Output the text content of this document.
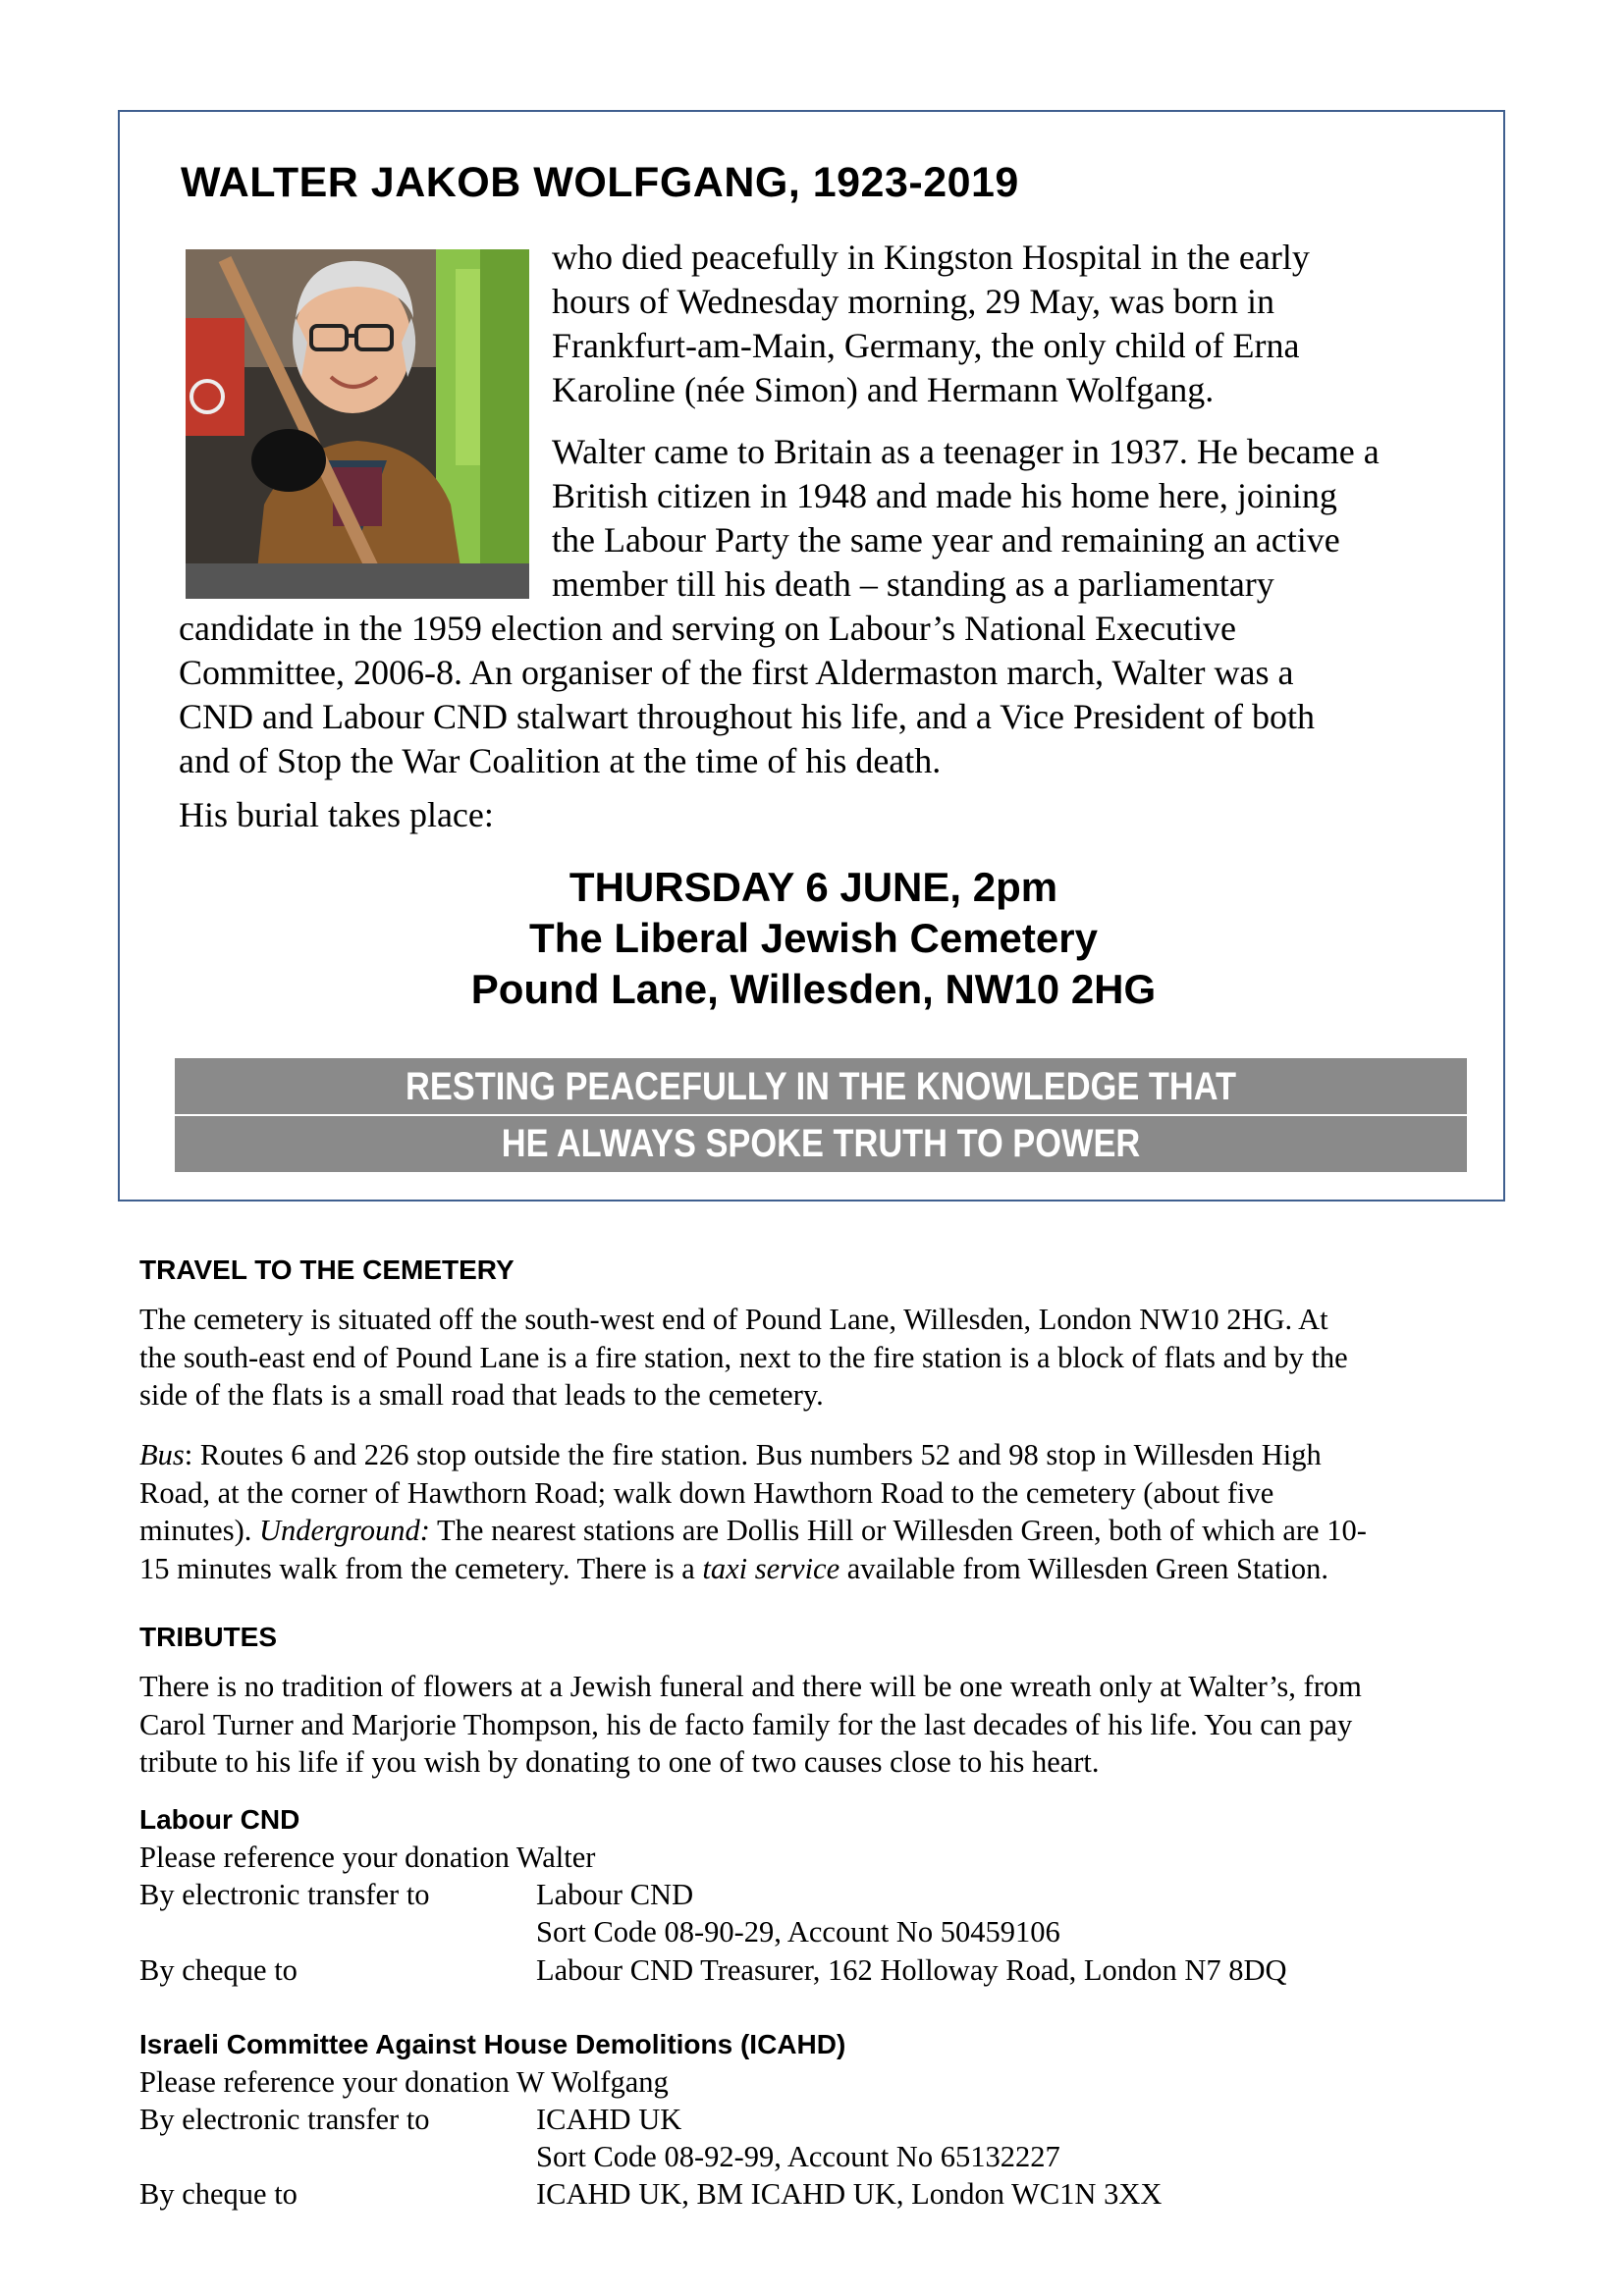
WALTER JAKOB WOLFGANG, 1923-2019
who died peacefully in Kingston Hospital in the early
hours of Wednesday morning, 29 May, was born in
Frankfurt-am-Main, Germany, the only child of Erna
Karoline (née Simon) and Hermann Wolfgang.
Walter came to Britain as a teenager in 1937. He became a
British citizen in 1948 and made his home here, joining
the Labour Party the same year and remaining an active
member till his death – standing as a parliamentary
candidate in the 1959 election and serving on Labour’s National Executive
Committee, 2006-8. An organiser of the first Aldermaston march, Walter was a
CND and Labour CND stalwart throughout his life, and a Vice President of both
and of Stop the War Coalition at the time of his death.

His burial takes place:

THURSDAY 6 JUNE, 2pm

The Liberal Jewish Cemetery

Pound Lane, Willesden, NW10 2HG

RESTING PEACEFULLY IN THE KNOWLEDGE THAT
HE ALWAYS SPOKE TRUTH TO POWER
TRAVEL TO THE CEMETERY
The cemetery is situated off the south-west end of Pound Lane, Willesden, London NW10 2HG. At
the south-east end of Pound Lane is a fire station, next to the fire station is a block of flats and by the
side of the flats is a small road that leads to the cemetery.
Bus: Routes 6 and 226 stop outside the fire station. Bus numbers 52 and 98 stop in Willesden High
Road, at the corner of Hawthorn Road; walk down Hawthorn Road to the cemetery (about five
minutes). Underground: The nearest stations are Dollis Hill or Willesden Green, both of which are 10-
15 minutes walk from the cemetery. There is a taxi service available from Willesden Green Station.
TRIBUTES
There is no tradition of flowers at a Jewish funeral and there will be one wreath only at Walter’s, from
Carol Turner and Marjorie Thompson, his de facto family for the last decades of his life. You can pay
tribute to his life if you wish by donating to one of two causes close to his heart.
Labour CND
Please reference your donation Walter
By electronic transfer to	Labour CND
Sort Code 08-90-29, Account No 50459106
By cheque to	Labour CND Treasurer, 162 Holloway Road, London N7 8DQ
Israeli Committee Against House Demolitions (ICAHD)
Please reference your donation W Wolfgang
By electronic transfer to	ICAHD UK
Sort Code 08-92-99, Account No 65132227
By cheque to	ICAHD UK, BM ICAHD UK, London WC1N 3XX
